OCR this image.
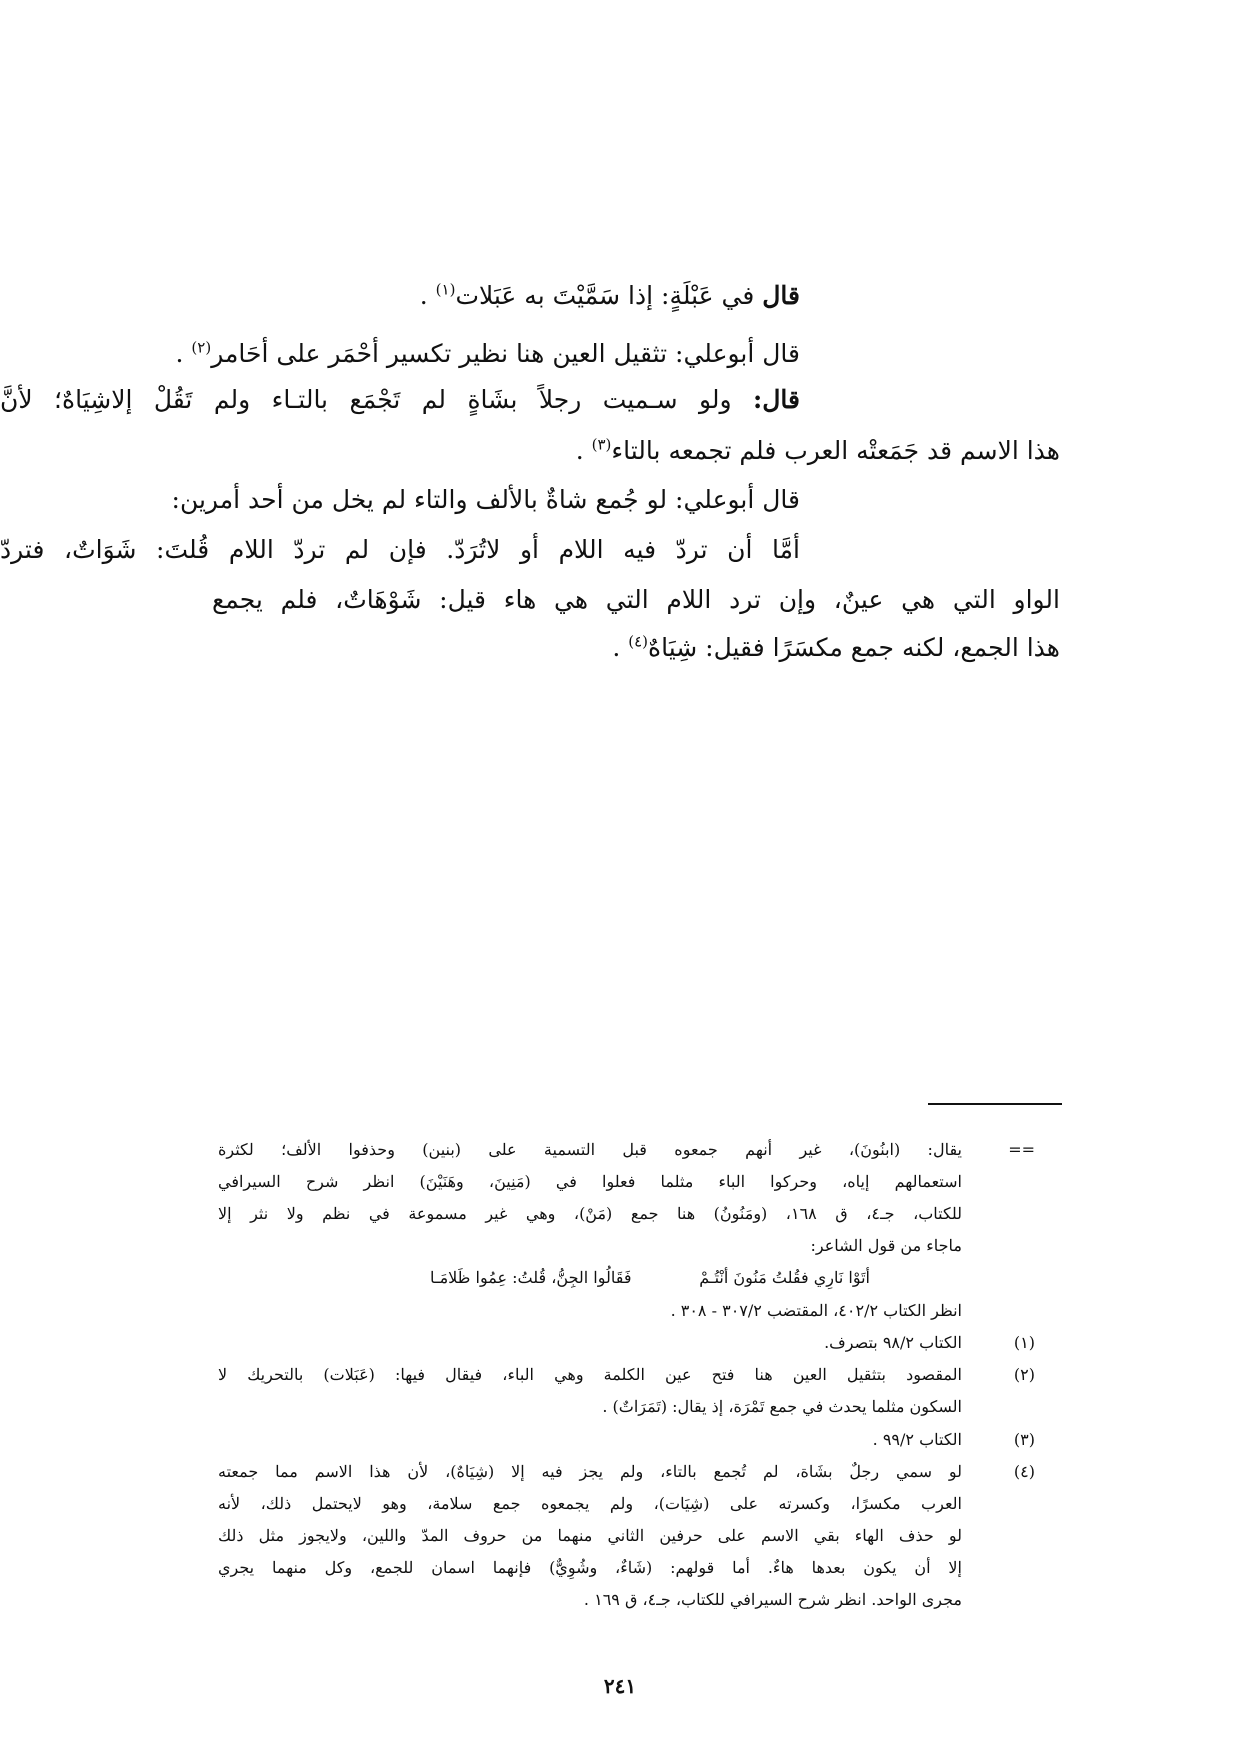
قال في عَبْلَةٍ: إذا سَمَّيْتَ به عَبَلات$^{(١)}$ .
قال أبوعلي: تثقيل العين هنا نظير تكسير أحْمَر على أحَامر$^{(٢)}$ .
قال: ولو سـميت رجلاً بشَاةٍ لم تَجْمَع بالتـاء ولم تَقُلْ إلاشِيَاهٌ؛ لأنَّ
هذا الاسم قد جَمَعتْه العرب فلم تجمعه بالتاء$^{(٣)}$ .
قال أبوعلي: لو جُمع شاةٌ بالألف والتاء لم يخل من أحد أمرين:
أمَّا أن تردّ فيه اللام أو لاتُرَدّ. فإن لم تردّ اللام قُلتَ: شَوَاتٌ، فتردّ
الواو التي هي عينٌ، وإن ترد اللام التي هي هاء قيل: شَوْهَاتٌ، فلم يجمع
هذا الجمع، لكنه جمع مكسَرًا فقيل: شِيَاهٌ$^{(٤)}$ .
==
يقال: (ابنُونَ)، غير أنهم جمعوه قبل التسمية على (بنين) وحذفوا الألف؛ لكثرة
استعمالهم إياه، وحركوا الباء مثلما فعلوا في (مَنِينَ، وهَنَيْنَ) انظر شرح السيرافي
للكتاب، جـ٤، ق ١٦٨، (ومَنُونُ) هنا جمع (مَنْ)، وهي غير مسموعة في نظم ولا نثر إلا
ماجاء من قول الشاعر:
أتَوْا نَارِي فقُلتُ مَنُونَ أنْتُـمْ
فَقَالُوا الجِنُّ، قُلتُ: عِمُوا ظَلامَـا
انظر الكتاب ٤٠٢/٢، المقتضب ٣٠٧/٢ - ٣٠٨ .
(١)
الكتاب ٩٨/٢ بتصرف.
(٢)
المقصود بتثقيل العين هنا فتح عين الكلمة وهي الباء، فيقال فيها: (عَبَلات) بالتحريك لا
السكون مثلما يحدث في جمع تَمْرَة، إذ يقال: (تَمَرَاتٌ) .
(٣)
الكتاب ٩٩/٢ .
(٤)
لو سمي رجلٌ بشَاة، لم تُجمع بالتاء، ولم يجز فيه إلا (شِيَاهٌ)، لأن هذا الاسم مما جمعته
العرب مكسرًا، وكسرته على (شِيَات)، ولم يجمعوه جمع سلامة، وهو لايحتمل ذلك، لأنه
لو حذف الهاء بقي الاسم على حرفين الثاني منهما من حروف المدّ واللين، ولايجوز مثل ذلك
إلا أن يكون بعدها هاءٌ. أما قولهم: (شَاءٌ، وشُوِيٌّ) فإنهما اسمان للجمع، وكل منهما يجري
مجرى الواحد. انظر شرح السيرافي للكتاب، جـ٤، ق ١٦٩ .
٢٤١
